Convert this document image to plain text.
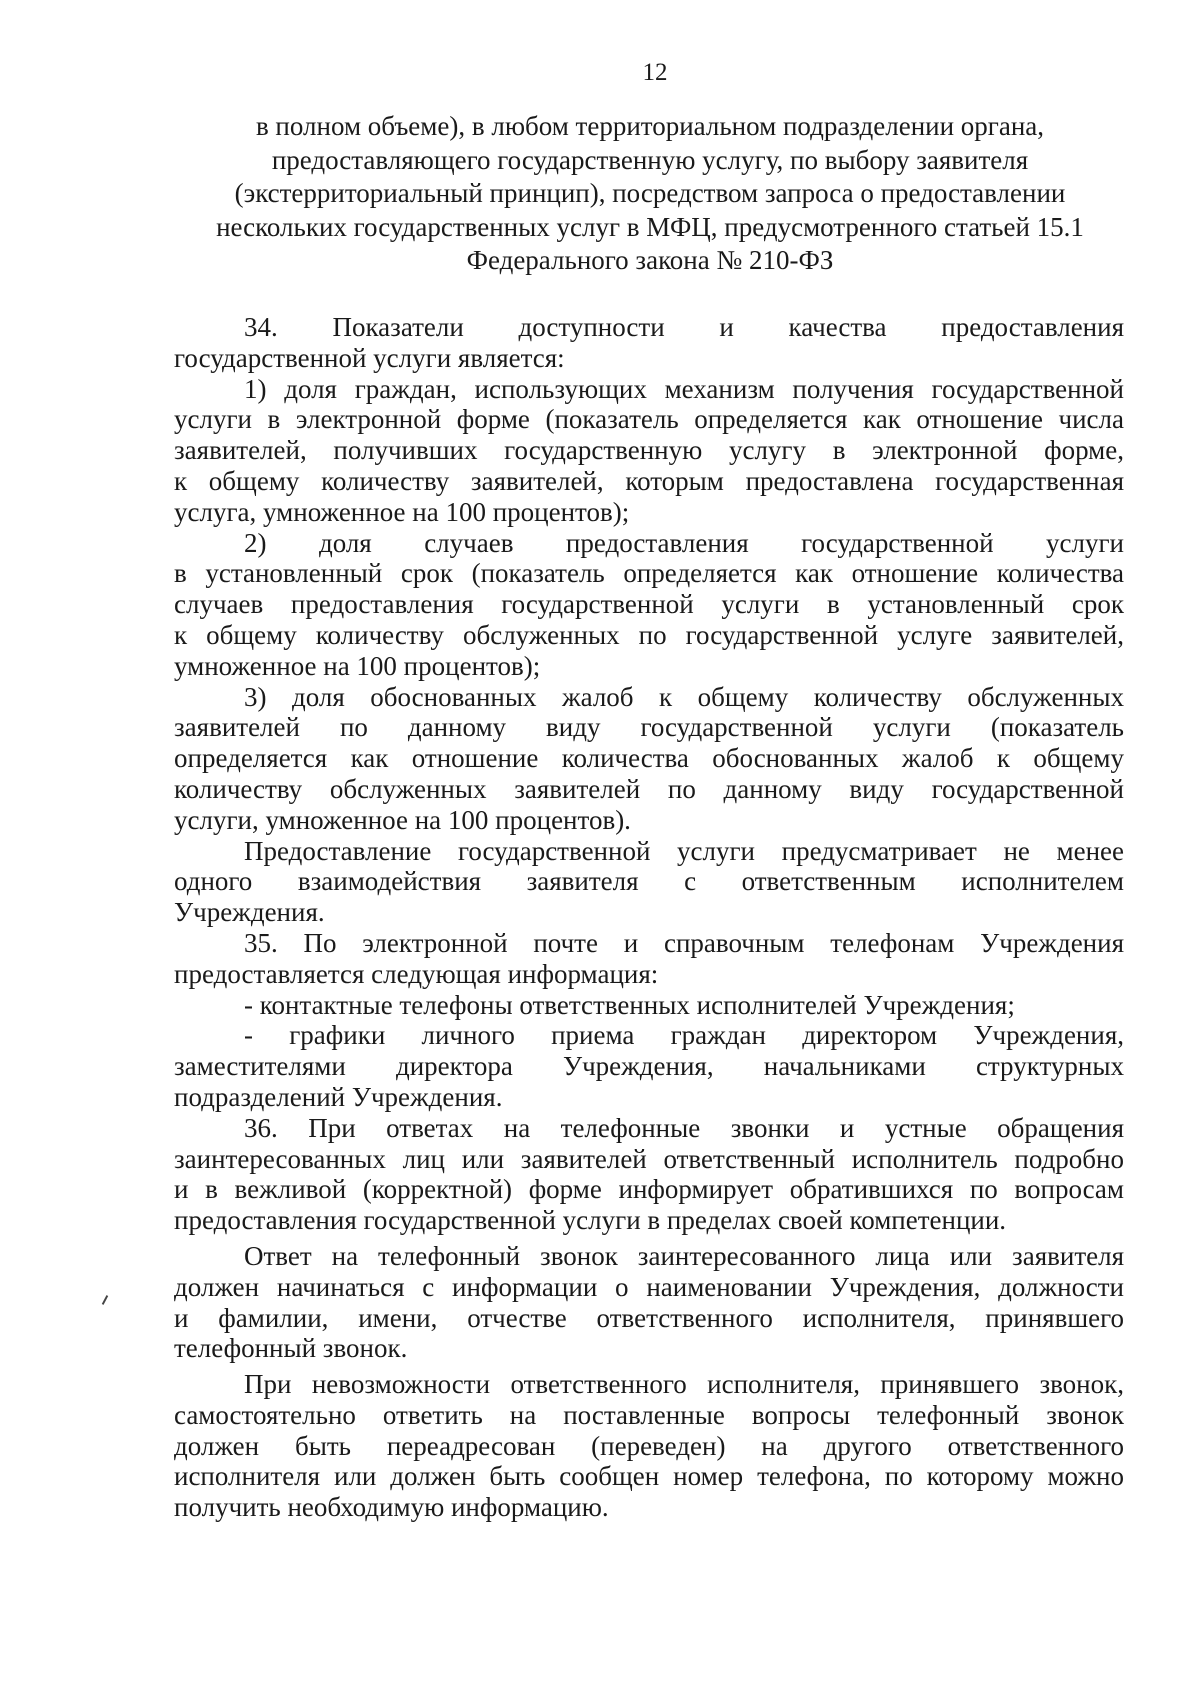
12
в полном объеме), в любом территориальном подразделении органа,
предоставляющего государственную услугу, по выбору заявителя
(экстерриториальный принцип), посредством запроса о предоставлении
нескольких государственных услуг в МФЦ, предусмотренного статьей 15.1
Федерального закона № 210-ФЗ
34. Показатели доступности и качества предоставления
государственной услуги является:
1) доля граждан, использующих механизм получения государственной
услуги в электронной форме (показатель определяется как отношение числа
заявителей, получивших государственную услугу в электронной форме,
к общему количеству заявителей, которым предоставлена государственная
услуга, умноженное на 100 процентов);
2) доля случаев предоставления государственной услуги
в установленный срок (показатель определяется как отношение количества
случаев предоставления государственной услуги в установленный срок
к общему количеству обслуженных по государственной услуге заявителей,
умноженное на 100 процентов);
3) доля обоснованных жалоб к общему количеству обслуженных
заявителей по данному виду государственной услуги (показатель
определяется как отношение количества обоснованных жалоб к общему
количеству обслуженных заявителей по данному виду государственной
услуги, умноженное на 100 процентов).
Предоставление государственной услуги предусматривает не менее
одного взаимодействия заявителя с ответственным исполнителем
Учреждения.
35. По электронной почте и справочным телефонам Учреждения
предоставляется следующая информация:
- контактные телефоны ответственных исполнителей Учреждения;
- графики личного приема граждан директором Учреждения,
заместителями директора Учреждения, начальниками структурных
подразделений Учреждения.
36. При ответах на телефонные звонки и устные обращения
заинтересованных лиц или заявителей ответственный исполнитель подробно
и в вежливой (корректной) форме информирует обратившихся по вопросам
предоставления государственной услуги в пределах своей компетенции.
Ответ на телефонный звонок заинтересованного лица или заявителя
должен начинаться с информации о наименовании Учреждения, должности
и фамилии, имени, отчестве ответственного исполнителя, принявшего
телефонный звонок.
При невозможности ответственного исполнителя, принявшего звонок,
самостоятельно ответить на поставленные вопросы телефонный звонок
должен быть переадресован (переведен) на другого ответственного
исполнителя или должен быть сообщен номер телефона, по которому можно
получить необходимую информацию.
